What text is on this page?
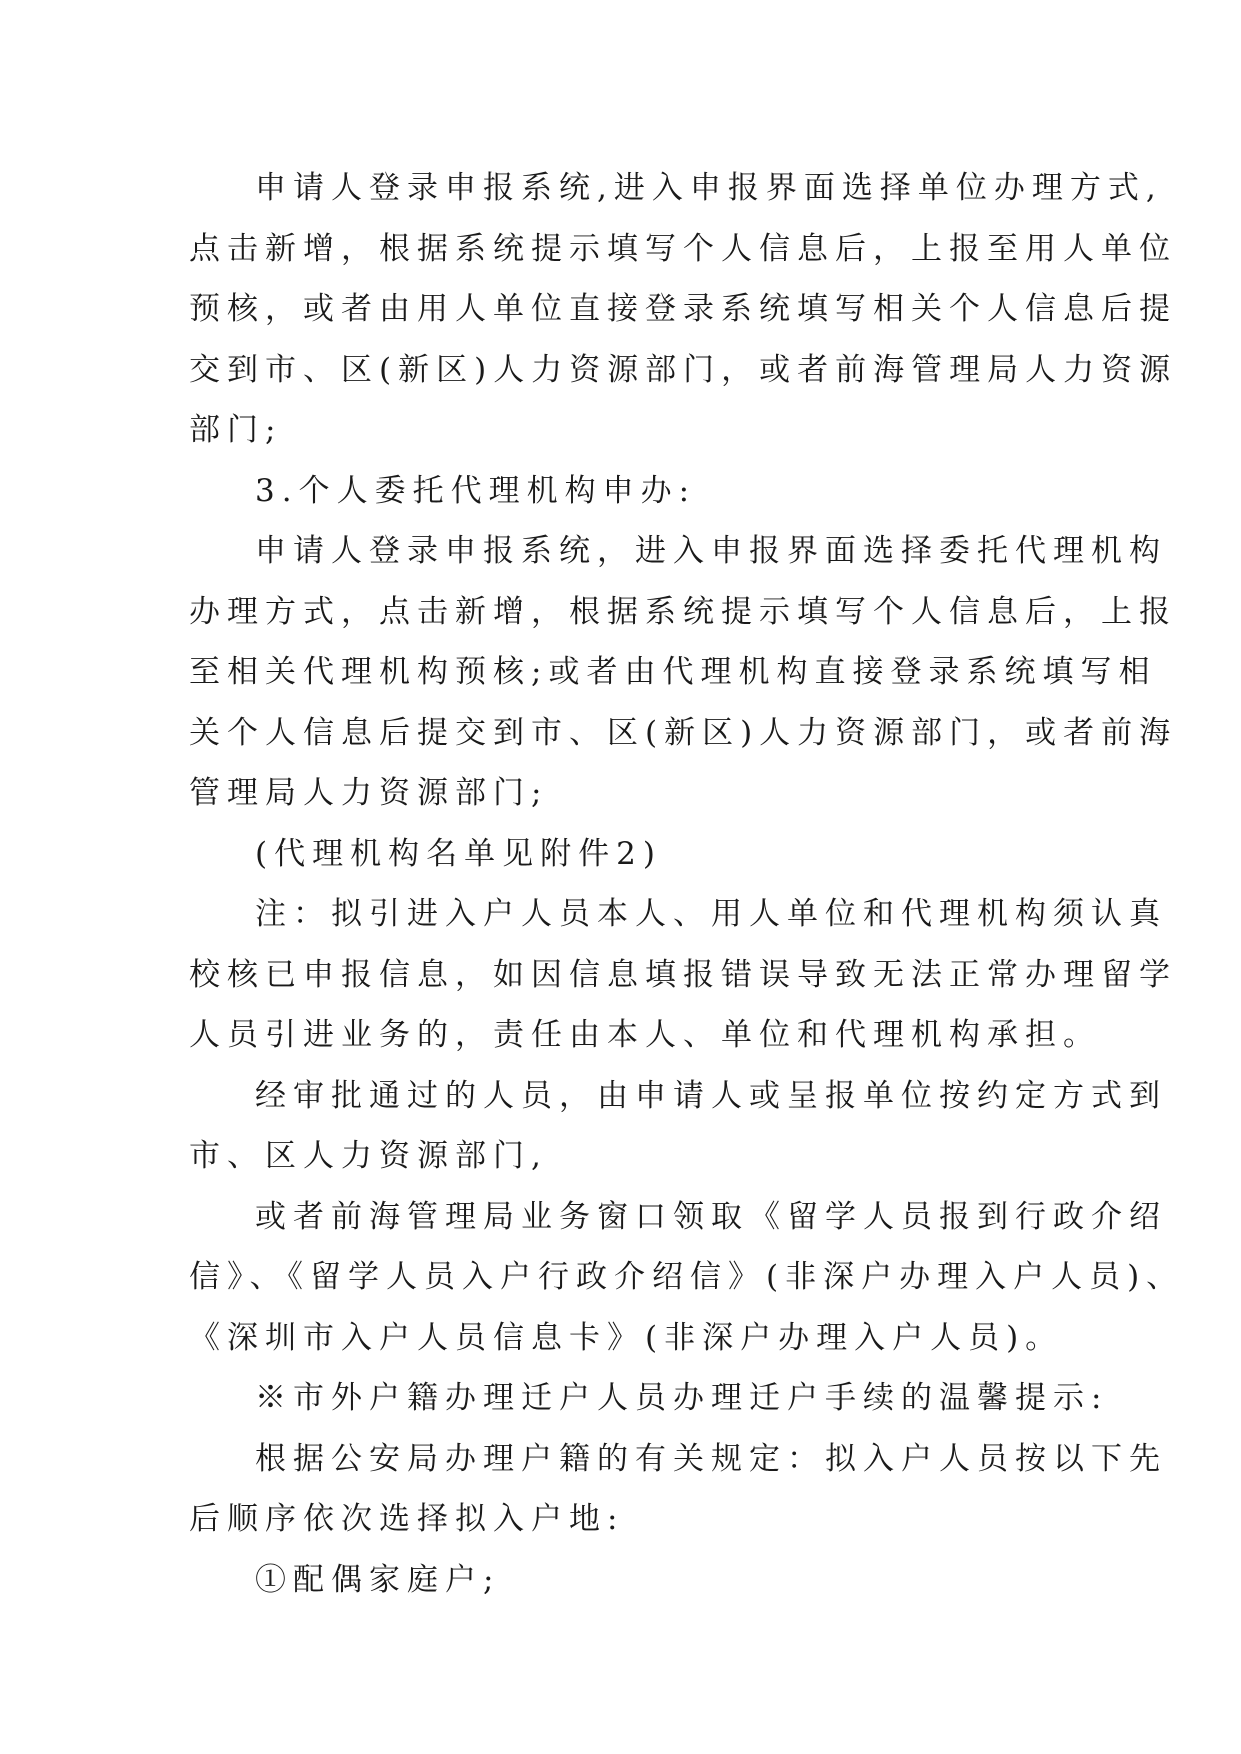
申请人登录申报系统,进入申报界面选择单位办理方式,
点击新增，根据系统提示填写个人信息后，上报至用人单位
预核，或者由用人单位直接登录系统填写相关个人信息后提
交到市、区(新区)人力资源部门，或者前海管理局人力资源
部门;
3.个人委托代理机构申办:
申请人登录申报系统，进入申报界面选择委托代理机构
办理方式，点击新增，根据系统提示填写个人信息后，上报
至相关代理机构预核;或者由代理机构直接登录系统填写相
关个人信息后提交到市、区(新区)人力资源部门，或者前海
管理局人力资源部门;
(代理机构名单见附件2)
注：拟引进入户人员本人、用人单位和代理机构须认真
校核已申报信息，如因信息填报错误导致无法正常办理留学
人员引进业务的，责任由本人、单位和代理机构承担。
经审批通过的人员，由申请人或呈报单位按约定方式到
市、区人力资源部门,
或者前海管理局业务窗口领取《留学人员报到行政介绍
信》、《留学人员入户行政介绍信》(非深户办理入户人员)、
《深圳市入户人员信息卡》(非深户办理入户人员)。
※市外户籍办理迁户人员办理迁户手续的温馨提示:
根据公安局办理户籍的有关规定：拟入户人员按以下先
后顺序依次选择拟入户地:
①配偶家庭户;
